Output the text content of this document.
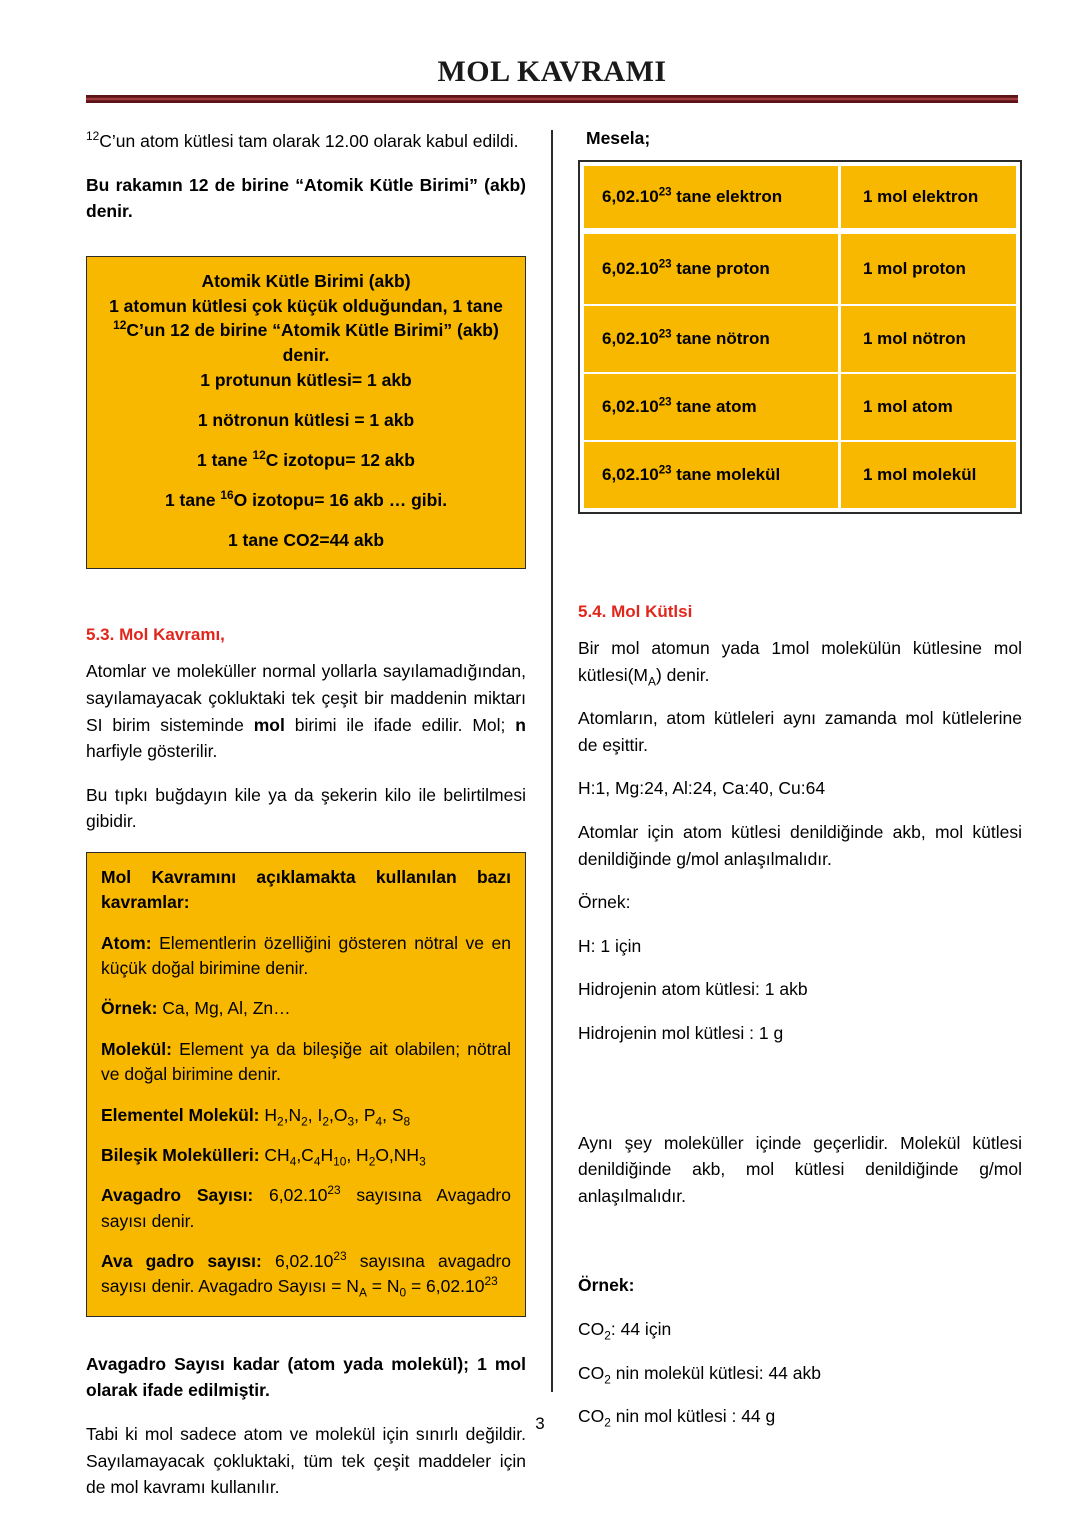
MOL KAVRAMI

$^{12}$C’un atom kütlesi tam olarak 12.00 olarak kabul edildi.

Bu rakamın 12 de birine “Atomik Kütle Birimi” (akb) denir.

Atomik Kütle Birimi (akb)
1 atomun kütlesi çok küçük olduğundan, 1 tane
$^{12}$C’un 12 de birine “Atomik Kütle Birimi” (akb)
denir.
1 protunun kütlesi= 1 akb
1 nötronun kütlesi = 1 akb
1 tane $^{12}$C izotopu= 12 akb
1 tane $^{16}$O izotopu= 16 akb … gibi.
1 tane CO2=44 akb
5.3. Mol Kavramı,

Atomlar ve moleküller normal yollarla sayılamadığından, sayılamayacak çokluktaki tek çeşit bir maddenin miktarı SI birim sisteminde mol birimi ile ifade edilir. Mol; n harfiyle gösterilir.

Bu tıpkı buğdayın kile ya da şekerin kilo ile belirtilmesi gibidir.

Mol Kavramını açıklamakta kullanılan bazı kavramlar:

Atom: Elementlerin özelliğini gösteren nötral ve en küçük doğal birimine denir.

Örnek: Ca, Mg, Al, Zn…

Molekül: Element ya da bileşiğe ait olabilen; nötral ve doğal birimine denir.

Elementel Molekül: $H_2,N_2$, $I_2,O_3$, $P_4$, $S_8$

Bileşik Molekülleri: $CH_4,C_4H_{10}$, $H_2O,NH_3$

Avagadro Sayısı: 6,02.10$^{23}$ sayısına Avagadro sayısı denir.

Ava gadro sayısı: 6,02.10$^{23}$ sayısına avagadro sayısı denir. Avagadro Sayısı = $N_A = N_0 = 6,02.10^{23}$

Avagadro Sayısı kadar (atom yada molekül); 1 mol olarak ifade edilmiştir.

Tabi ki mol sadece atom ve molekül için sınırlı değildir. Sayılamayacak çokluktaki, tüm tek çeşit maddeler için de mol kavramı kullanılır.

Mesela;
6,02.10$^{23}$ tane elektron	1 mol elektron
6,02.10$^{23}$ tane proton	1 mol proton
6,02.10$^{23}$ tane nötron	1 mol nötron
6,02.10$^{23}$ tane atom	1 mol atom
6,02.10$^{23}$ tane molekül	1 mol molekül
5.4. Mol Kütlsi

Bir mol atomun yada 1mol molekülün kütlesine mol $kütlesi(M_A)$ denir.

Atomların, atom kütleleri aynı zamanda mol kütlelerine de eşittir.

H:1, Mg:24, Al:24, Ca:40, Cu:64

Atomlar için atom kütlesi denildiğinde akb, mol kütlesi denildiğinde g/mol anlaşılmalıdır.

Örnek:

H: 1 için

Hidrojenin atom kütlesi: 1 akb

Hidrojenin mol kütlesi : 1 g

Aynı şey moleküller içinde geçerlidir. Molekül kütlesi denildiğinde akb, mol kütlesi denildiğinde g/mol anlaşılmalıdır.

Örnek:

$CO_2$: 44 için

$CO_2$ nin molekül kütlesi: 44 akb

$CO_2$ nin mol kütlesi : 44 g

3
